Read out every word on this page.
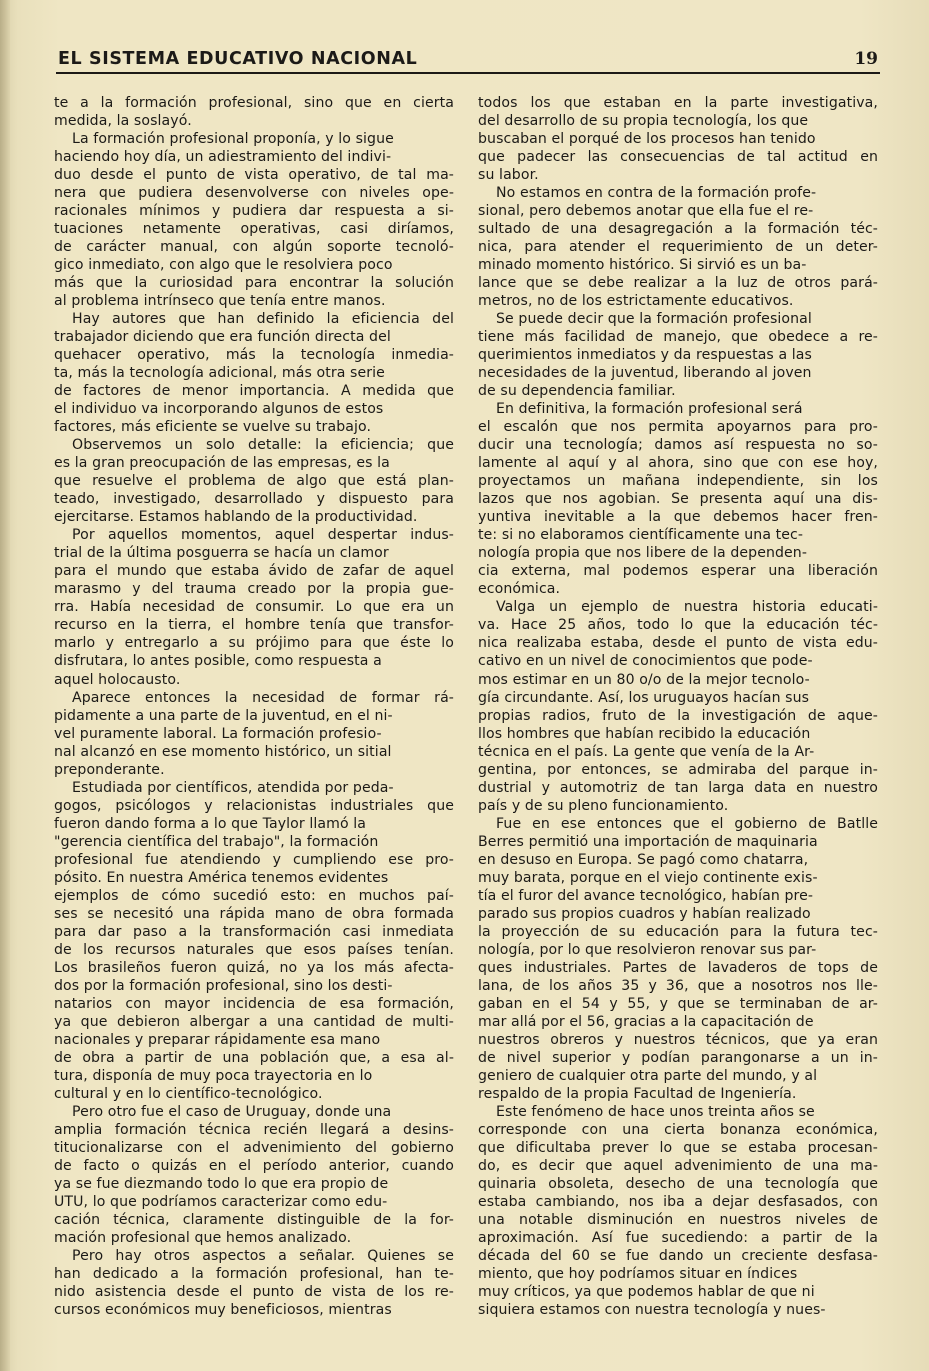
EL SISTEMA EDUCATIVO NACIONAL	19
te a la formación profesional, sino que en cierta
medida, la soslayó.
La formación profesional proponía, y lo sigue
haciendo hoy día, un adiestramiento del indivi-
duo desde el punto de vista operativo, de tal ma-
nera que pudiera desenvolverse con niveles ope-
racionales mínimos y pudiera dar respuesta a si-
tuaciones netamente operativas, casi diríamos,
de carácter manual, con algún soporte tecnoló-
gico inmediato, con algo que le resolviera poco
más que la curiosidad para encontrar la solución
al problema intrínseco que tenía entre manos.
Hay autores que han definido la eficiencia del
trabajador diciendo que era función directa del
quehacer operativo, más la tecnología inmedia-
ta, más la tecnología adicional, más otra serie
de factores de menor importancia. A medida que
el individuo va incorporando algunos de estos
factores, más eficiente se vuelve su trabajo.
Observemos un solo detalle: la eficiencia; que
es la gran preocupación de las empresas, es la
que resuelve el problema de algo que está plan-
teado, investigado, desarrollado y dispuesto para
ejercitarse. Estamos hablando de la productividad.
Por aquellos momentos, aquel despertar indus-
trial de la última posguerra se hacía un clamor
para el mundo que estaba ávido de zafar de aquel
marasmo y del trauma creado por la propia gue-
rra. Había necesidad de consumir. Lo que era un
recurso en la tierra, el hombre tenía que transfor-
marlo y entregarlo a su prójimo para que éste lo
disfrutara, lo antes posible, como respuesta a
aquel holocausto.
Aparece entonces la necesidad de formar rá-
pidamente a una parte de la juventud, en el ni-
vel puramente laboral. La formación profesio-
nal alcanzó en ese momento histórico, un sitial
preponderante.
Estudiada por científicos, atendida por peda-
gogos, psicólogos y relacionistas industriales que
fueron dando forma a lo que Taylor llamó la
"gerencia científica del trabajo", la formación
profesional fue atendiendo y cumpliendo ese pro-
pósito. En nuestra América tenemos evidentes
ejemplos de cómo sucedió esto: en muchos paí-
ses se necesitó una rápida mano de obra formada
para dar paso a la transformación casi inmediata
de los recursos naturales que esos países tenían.
Los brasileños fueron quizá, no ya los más afecta-
dos por la formación profesional, sino los desti-
natarios con mayor incidencia de esa formación,
ya que debieron albergar a una cantidad de multi-
nacionales y preparar rápidamente esa mano
de obra a partir de una población que, a esa al-
tura, disponía de muy poca trayectoria en lo
cultural y en lo científico-tecnológico.
Pero otro fue el caso de Uruguay, donde una
amplia formación técnica recién llegará a desins-
titucionalizarse con el advenimiento del gobierno
de facto o quizás en el período anterior, cuando
ya se fue diezmando todo lo que era propio de
UTU, lo que podríamos caracterizar como edu-
cación técnica, claramente distinguible de la for-
mación profesional que hemos analizado.
Pero hay otros aspectos a señalar. Quienes se
han dedicado a la formación profesional, han te-
nido asistencia desde el punto de vista de los re-
cursos económicos muy beneficiosos, mientras
todos los que estaban en la parte investigativa,
del desarrollo de su propia tecnología, los que
buscaban el porqué de los procesos han tenido
que padecer las consecuencias de tal actitud en
su labor.
No estamos en contra de la formación profe-
sional, pero debemos anotar que ella fue el re-
sultado de una desagregación a la formación téc-
nica, para atender el requerimiento de un deter-
minado momento histórico. Si sirvió es un ba-
lance que se debe realizar a la luz de otros pará-
metros, no de los estrictamente educativos.
Se puede decir que la formación profesional
tiene más facilidad de manejo, que obedece a re-
querimientos inmediatos y da respuestas a las
necesidades de la juventud, liberando al joven
de su dependencia familiar.
En definitiva, la formación profesional será
el escalón que nos permita apoyarnos para pro-
ducir una tecnología; damos así respuesta no so-
lamente al aquí y al ahora, sino que con ese hoy,
proyectamos un mañana independiente, sin los
lazos que nos agobian. Se presenta aquí una dis-
yuntiva inevitable a la que debemos hacer fren-
te: si no elaboramos científicamente una tec-
nología propia que nos libere de la dependen-
cia externa, mal podemos esperar una liberación
económica.
Valga un ejemplo de nuestra historia educati-
va. Hace 25 años, todo lo que la educación téc-
nica realizaba estaba, desde el punto de vista edu-
cativo en un nivel de conocimientos que pode-
mos estimar en un 80 o/o de la mejor tecnolo-
gía circundante. Así, los uruguayos hacían sus
propias radios, fruto de la investigación de aque-
llos hombres que habían recibido la educación
técnica en el país. La gente que venía de la Ar-
gentina, por entonces, se admiraba del parque in-
dustrial y automotriz de tan larga data en nuestro
país y de su pleno funcionamiento.
Fue en ese entonces que el gobierno de Batlle
Berres permitió una importación de maquinaria
en desuso en Europa. Se pagó como chatarra,
muy barata, porque en el viejo continente exis-
tía el furor del avance tecnológico, habían pre-
parado sus propios cuadros y habían realizado
la proyección de su educación para la futura tec-
nología, por lo que resolvieron renovar sus par-
ques industriales. Partes de lavaderos de tops de
lana, de los años 35 y 36, que a nosotros nos lle-
gaban en el 54 y 55, y que se terminaban de ar-
mar allá por el 56, gracias a la capacitación de
nuestros obreros y nuestros técnicos, que ya eran
de nivel superior y podían parangonarse a un in-
geniero de cualquier otra parte del mundo, y al
respaldo de la propia Facultad de Ingeniería.
Este fenómeno de hace unos treinta años se
corresponde con una cierta bonanza económica,
que dificultaba prever lo que se estaba procesan-
do, es decir que aquel advenimiento de una ma-
quinaria obsoleta, desecho de una tecnología que
estaba cambiando, nos iba a dejar desfasados, con
una notable disminución en nuestros niveles de
aproximación. Así fue sucediendo: a partir de la
década del 60 se fue dando un creciente desfasa-
miento, que hoy podríamos situar en índices
muy críticos, ya que podemos hablar de que ni
siquiera estamos con nuestra tecnología y nues-
